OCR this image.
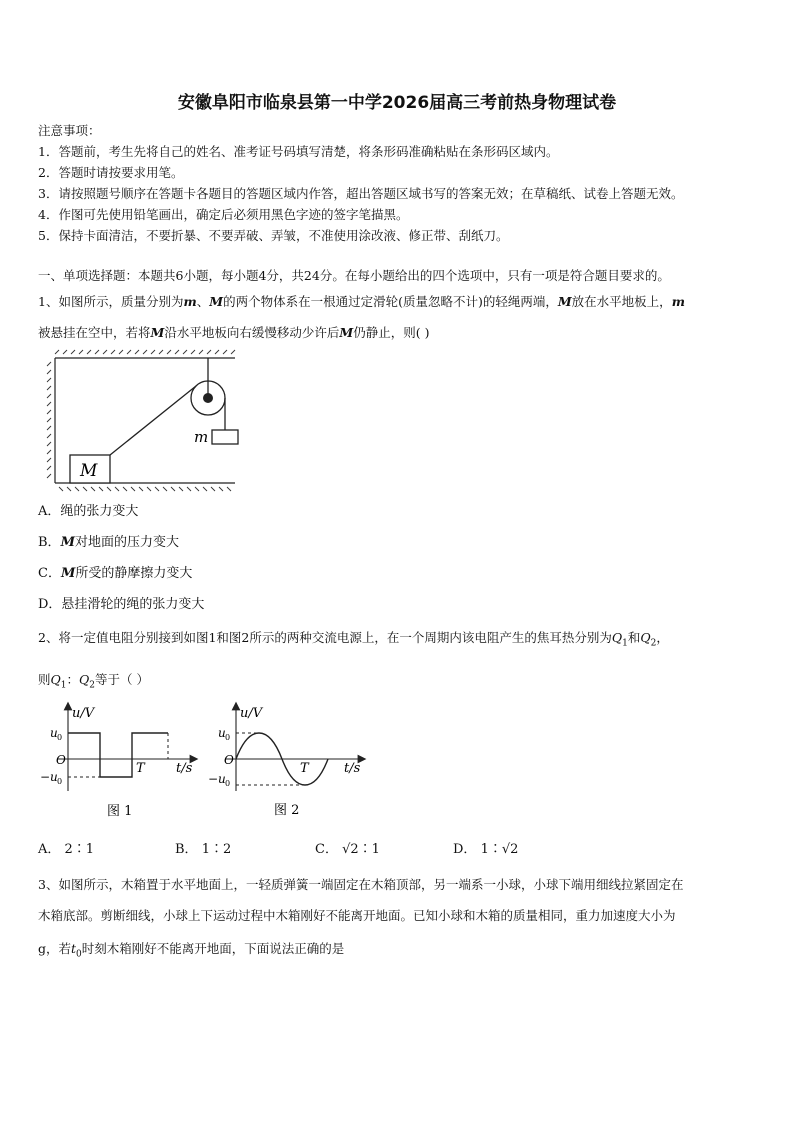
安徽阜阳市临泉县第一中学2026届高三考前热身物理试卷
注意事项：
1．答题前，考生先将自己的姓名、准考证号码填写清楚，将条形码准确粘贴在条形码区域内。
2．答题时请按要求用笔。
3．请按照题号顺序在答题卡各题目的答题区域内作答，超出答题区域书写的答案无效；在草稿纸、试卷上答题无效。
4．作图可先使用铅笔画出，确定后必须用黑色字迹的签字笔描黑。
5．保持卡面清洁，不要折暴、不要弄破、弄皱，不准使用涂改液、修正带、刮纸刀。
一、单项选择题：本题共6小题，每小题4分，共24分。在每小题给出的四个选项中，只有一项是符合题目要求的。
1、如图所示，质量分别为m、M的两个物体系在一根通过定滑轮(质量忽略不计)的轻绳两端，M放在水平地板上，m
被悬挂在空中，若将M沿水平地板向右缓慢移动少许后M仍静止，则( )
M
m
A．绳的张力变大
B．M对地面的压力变大
C．M所受的静摩擦力变大
D．悬挂滑轮的绳的张力变大
2、将一定值电阻分别接到如图1和图2所示的两种交流电源上，在一个周期内该电阻产生的焦耳热分别为$Q_1$和$Q_2$，
则$Q_1$：$Q_2$等于（ ）
u/V
u 0
−u 0
O
T t/s
图 1
u/V
u 0
−u 0
O
T	t/s
图 2
A． 2∶1	B． 1∶2	C． √2∶1	D． 1∶√2
3、如图所示，木箱置于水平地面上，一轻质弹簧一端固定在木箱顶部，另一端系一小球，小球下端用细线拉紧固定在
木箱底部。剪断细线，小球上下运动过程中木箱刚好不能离开地面。已知小球和木箱的质量相同，重力加速度大小为
g，若$t_0$时刻木箱刚好不能离开地面，下面说法正确的是
